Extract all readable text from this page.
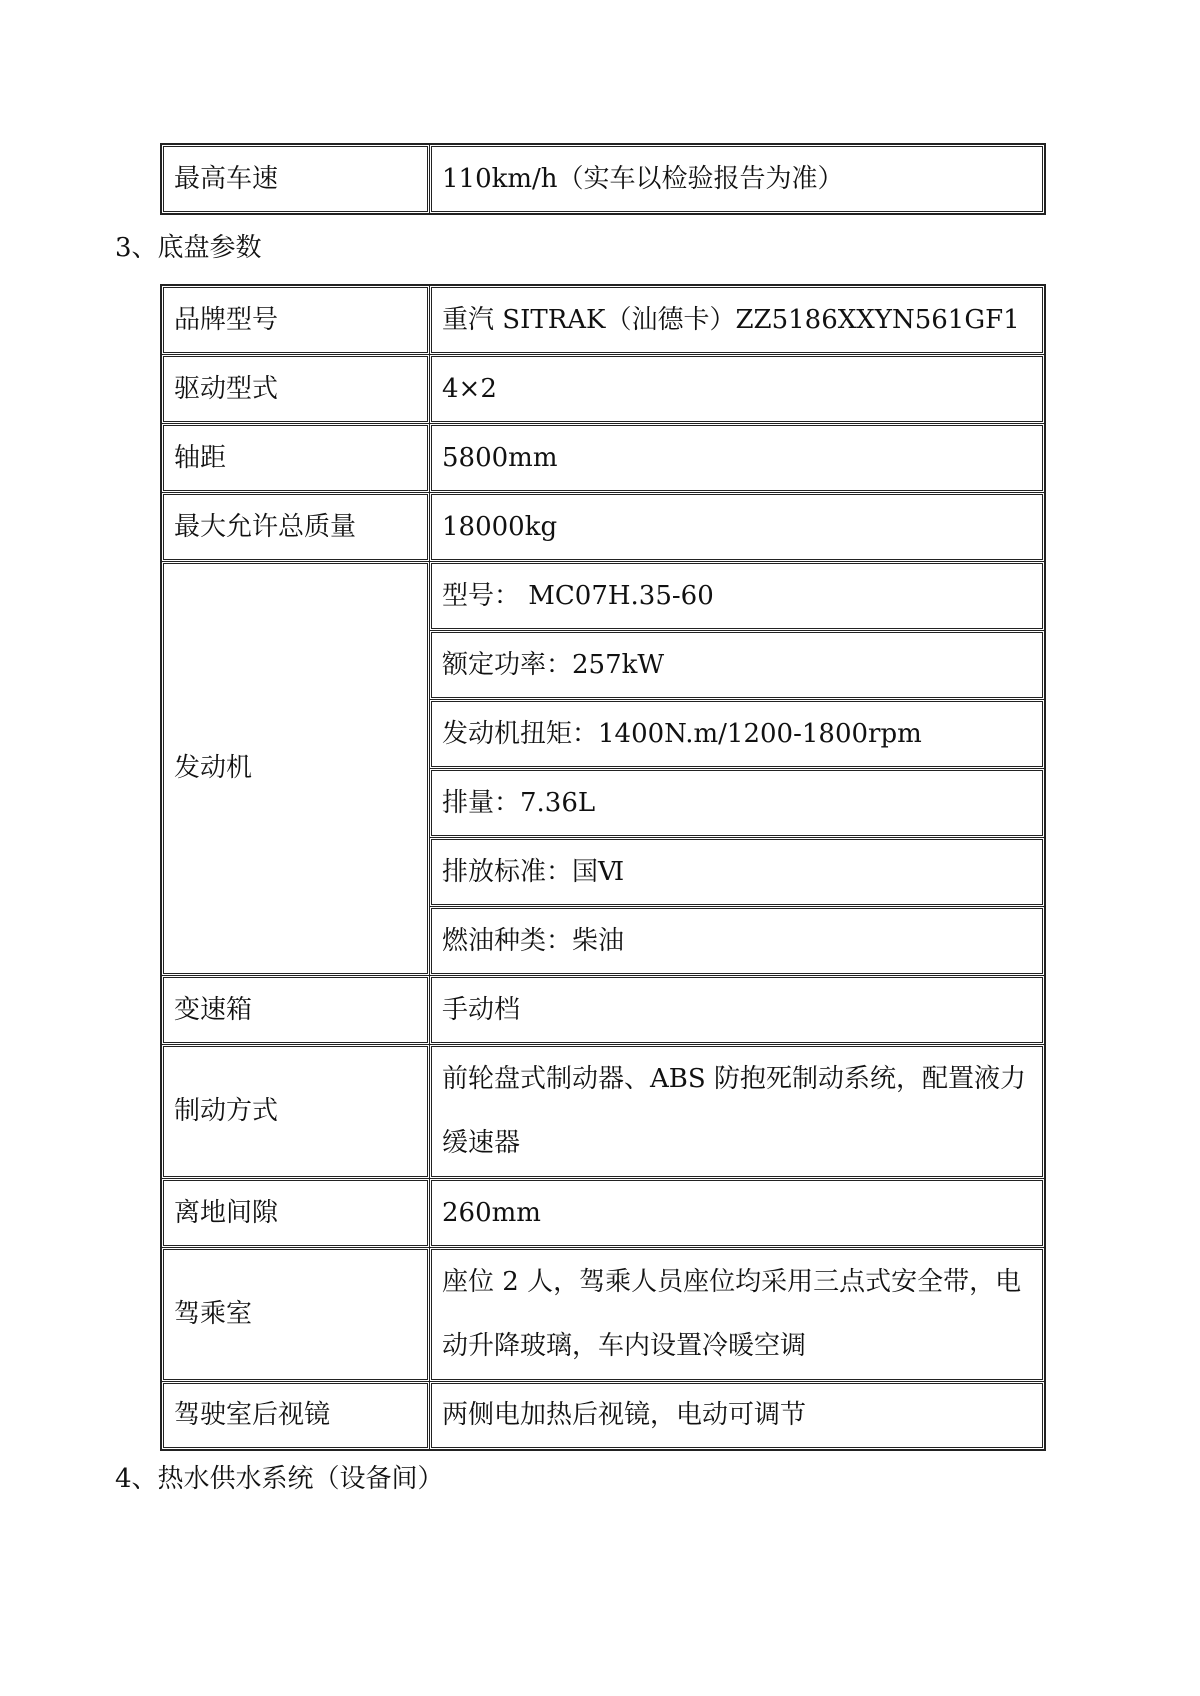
最高车速	110km/h（实车以检验报告为准）
3、底盘参数
品牌型号	重汽 SITRAK（汕德卡）ZZ5186XXYN561GF1
驱动型式	4×2
轴距	5800mm
最大允许总质量	18000kg
发动机	型号： MC07H.35-60
	额定功率：257kW
	发动机扭矩：1400N.m/1200-1800rpm
	排量：7.36L
	排放标准：国Ⅵ
	燃油种类：柴油
变速箱	手动档
制动方式	前轮盘式制动器、ABS 防抱死制动系统，配置液力缓速器
离地间隙	260mm
驾乘室	座位 2 人，驾乘人员座位均采用三点式安全带，电动升降玻璃，车内设置冷暖空调
驾驶室后视镜	两侧电加热后视镜，电动可调节
4、热水供水系统（设备间）
